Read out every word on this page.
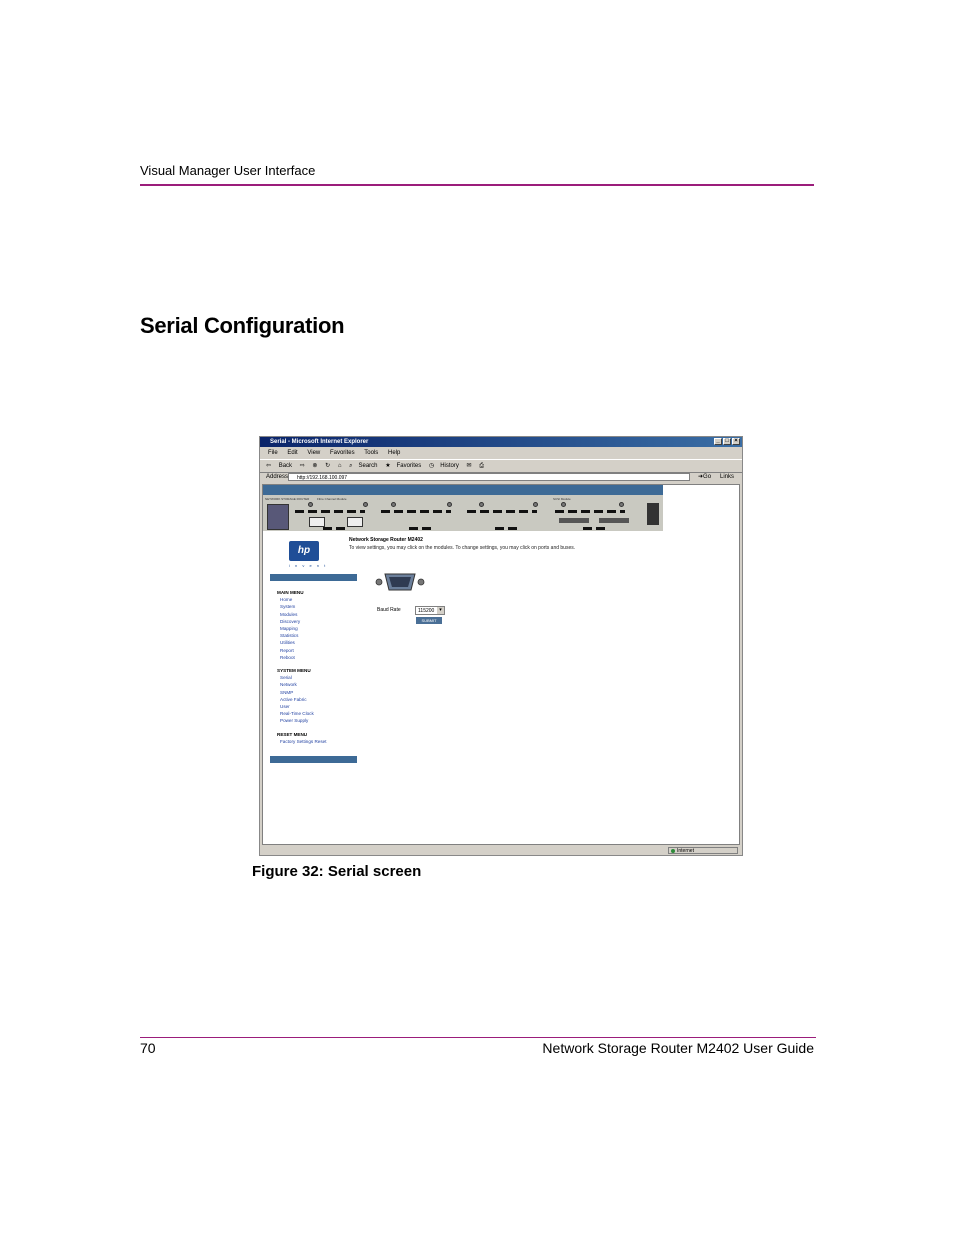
Visual Manager User Interface
Serial Configuration
Serial - Microsoft Internet Explorer	_ □ ×
File Edit View Favorites Tools Help
⇦ Back ⇨ ⊗ ↻ ⌂ ⌕ Search ★ Favorites ◷ History ✉ ⎙
Address	http://192.168.100.097	➜Go Links
NETWORK STORAGE ROUTER	Fibre Channel Module	SCSI Module
hp
i n v e n t
MAIN MENU
Home
System
Modules
Discovery
Mapping
Statistics
Utilities
Report
Reboot
SYSTEM MENU
Serial
Network
SNMP
Active Fabric
User
Real-Time Clock
Power Supply
RESET MENU
Factory Settings Reset
Network Storage Router M2402
To view settings, you may click on the modules. To change settings, you may click on ports and buses.
Baud Rate	115200 ▾
SUBMIT
Internet
Figure 32: Serial screen
70	Network Storage Router M2402 User Guide
